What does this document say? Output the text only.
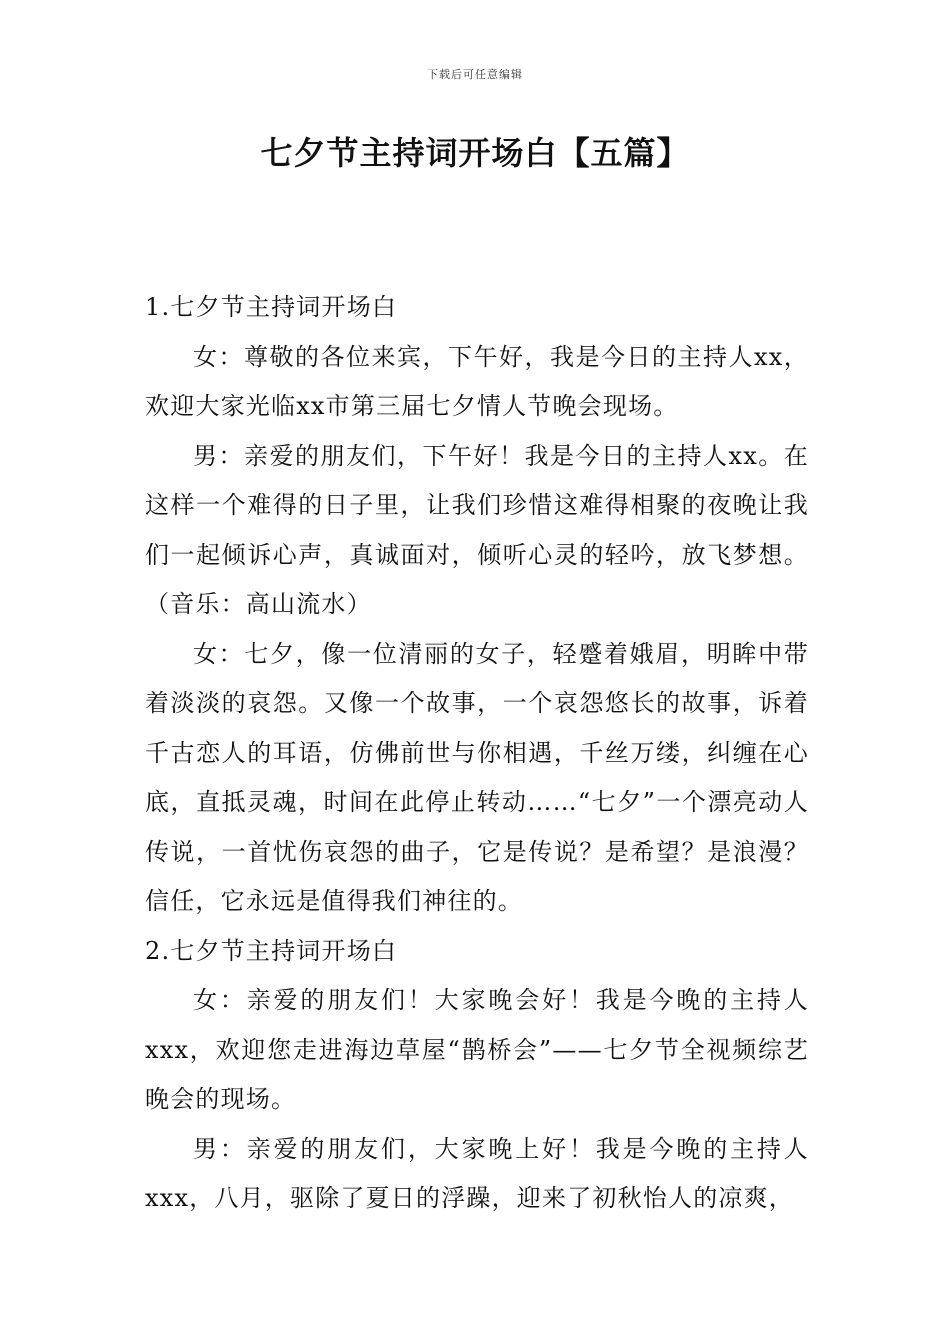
下载后可任意编辑
七夕节主持词开场白【五篇】

1.七夕节主持词开场白

女：尊敬的各位来宾，下午好，我是今日的主持人xx，欢迎大家光临xx市第三届七夕情人节晚会现场。

男：亲爱的朋友们，下午好！我是今日的主持人xx。在这样一个难得的日子里，让我们珍惜这难得相聚的夜晚让我们一起倾诉心声，真诚面对，倾听心灵的轻吟，放飞梦想。（音乐：高山流水）

女：七夕，像一位清丽的女子，轻蹙着娥眉，明眸中带着淡淡的哀怨。又像一个故事，一个哀怨悠长的故事，诉着千古恋人的耳语，仿佛前世与你相遇，千丝万缕，纠缠在心底，直抵灵魂，时间在此停止转动……“七夕”一个漂亮动人传说，一首忧伤哀怨的曲子，它是传说？是希望？是浪漫？信任，它永远是值得我们神往的。

2.七夕节主持词开场白

女：亲爱的朋友们！大家晚会好！我是今晚的主持人xxx，欢迎您走进海边草屋“鹊桥会”——七夕节全视频综艺晚会的现场。

男：亲爱的朋友们，大家晚上好！我是今晚的主持人xxx，八月，驱除了夏日的浮躁，迎来了初秋怡人的凉爽，
